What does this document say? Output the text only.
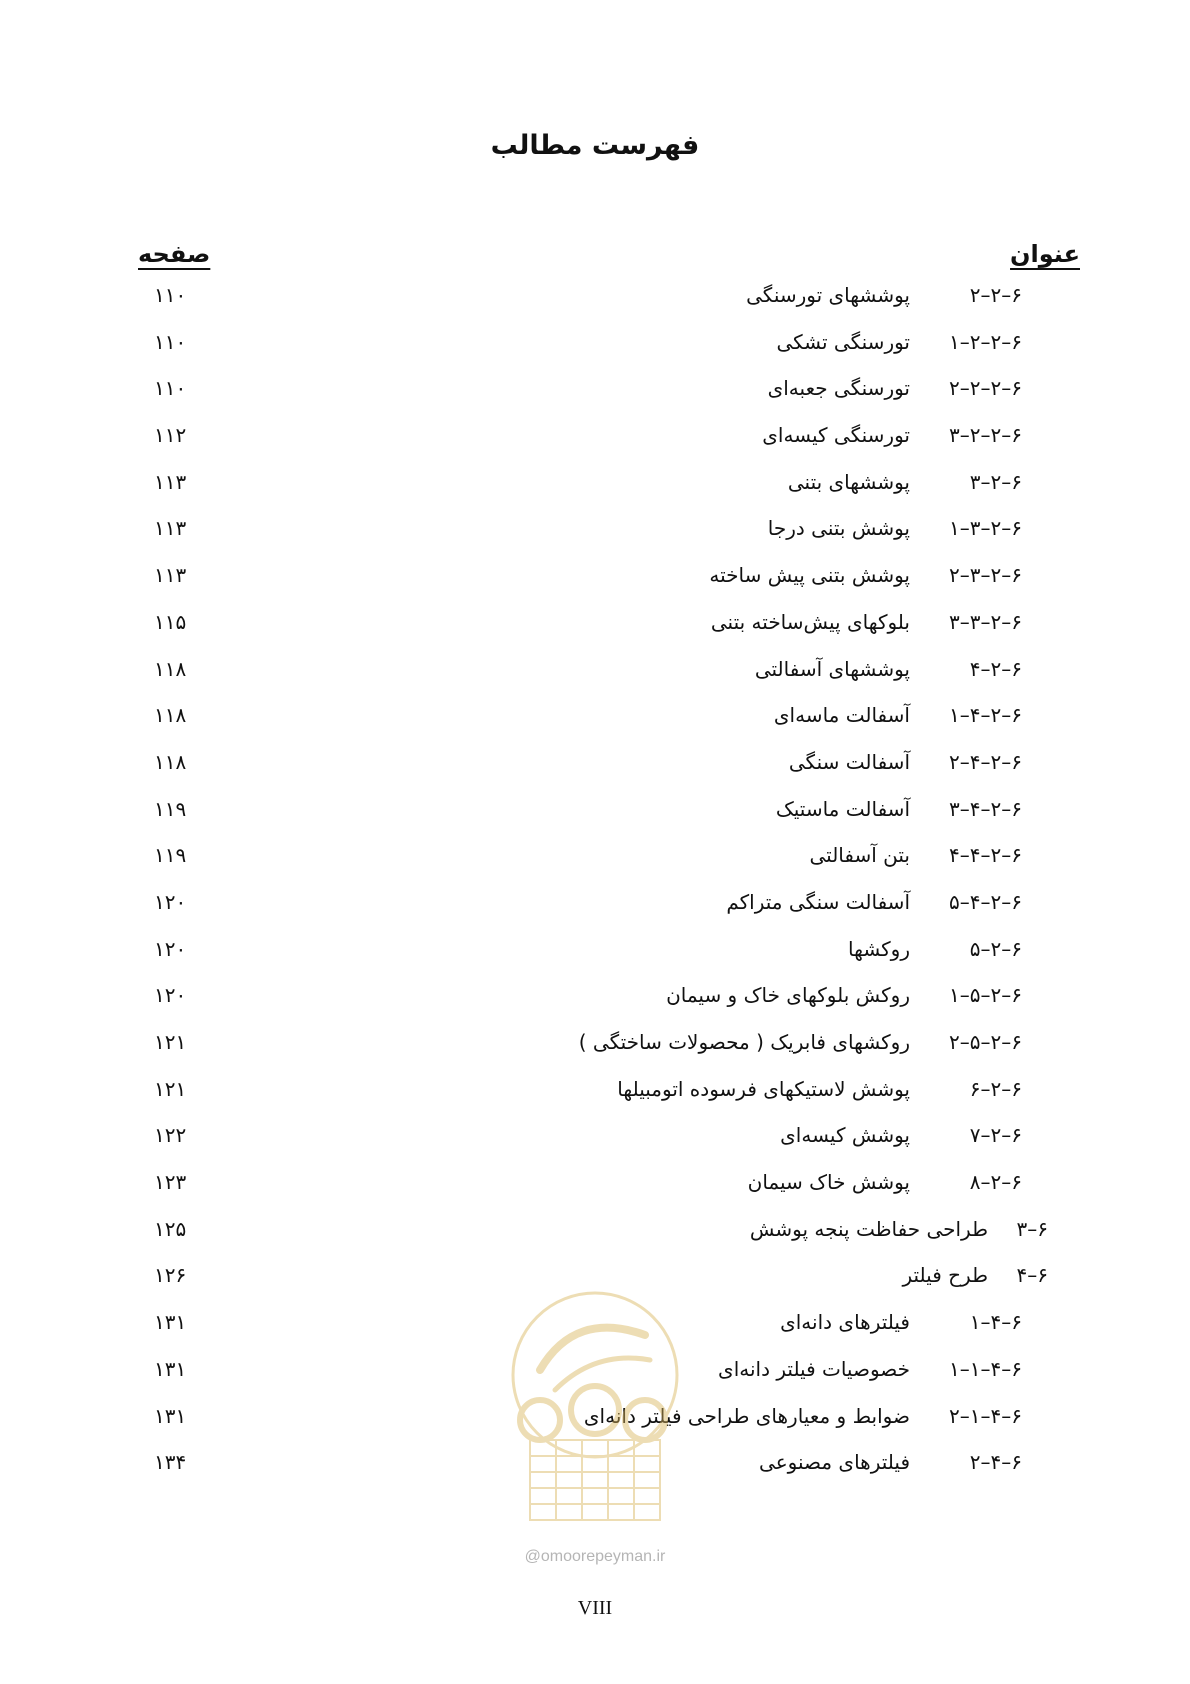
فهرست مطالب
عنوان
صفحه
۶–۲–۲
پوششهای تورسنگی
۱۱۰
۶–۲–۲–۱
تورسنگی تشکی
۱۱۰
۶–۲–۲–۲
تورسنگی جعبه‌ای
۱۱۰
۶–۲–۲–۳
تورسنگی کیسه‌ای
۱۱۲
۶–۲–۳
پوششهای بتنی
۱۱۳
۶–۲–۳–۱
پوشش بتنی درجا
۱۱۳
۶–۲–۳–۲
پوشش بتنی پیش ساخته
۱۱۳
۶–۲–۳–۳
بلوکهای پیش‌ساخته بتنی
۱۱۵
۶–۲–۴
پوششهای آسفالتی
۱۱۸
۶–۲–۴–۱
آسفالت ماسه‌ای
۱۱۸
۶–۲–۴–۲
آسفالت سنگی
۱۱۸
۶–۲–۴–۳
آسفالت ماستیک
۱۱۹
۶–۲–۴–۴
بتن آسفالتی
۱۱۹
۶–۲–۴–۵
آسفالت سنگی متراکم
۱۲۰
۶–۲–۵
روکشها
۱۲۰
۶–۲–۵–۱
روکش بلوکهای خاک و سیمان
۱۲۰
۶–۲–۵–۲
روکشهای فابریک ( محصولات ساختگی )
۱۲۱
۶–۲–۶
پوشش لاستیکهای فرسوده اتومبیلها
۱۲۱
۶–۲–۷
پوشش کیسه‌ای
۱۲۲
۶–۲–۸
پوشش خاک سیمان
۱۲۳
۶–۳
طراحی حفاظت پنجه پوشش
۱۲۵
۶–۴
طرح فیلتر
۱۲۶
۶–۴–۱
فیلترهای دانه‌ای
۱۳۱
۶–۴–۱–۱
خصوصیات فیلتر دانه‌ای
۱۳۱
۶–۴–۱–۲
ضوابط و معیارهای طراحی فیلتر دانه‌ای
۱۳۱
۶–۴–۲
فیلترهای مصنوعی
۱۳۴
@omoorepeyman.ir
VIII
